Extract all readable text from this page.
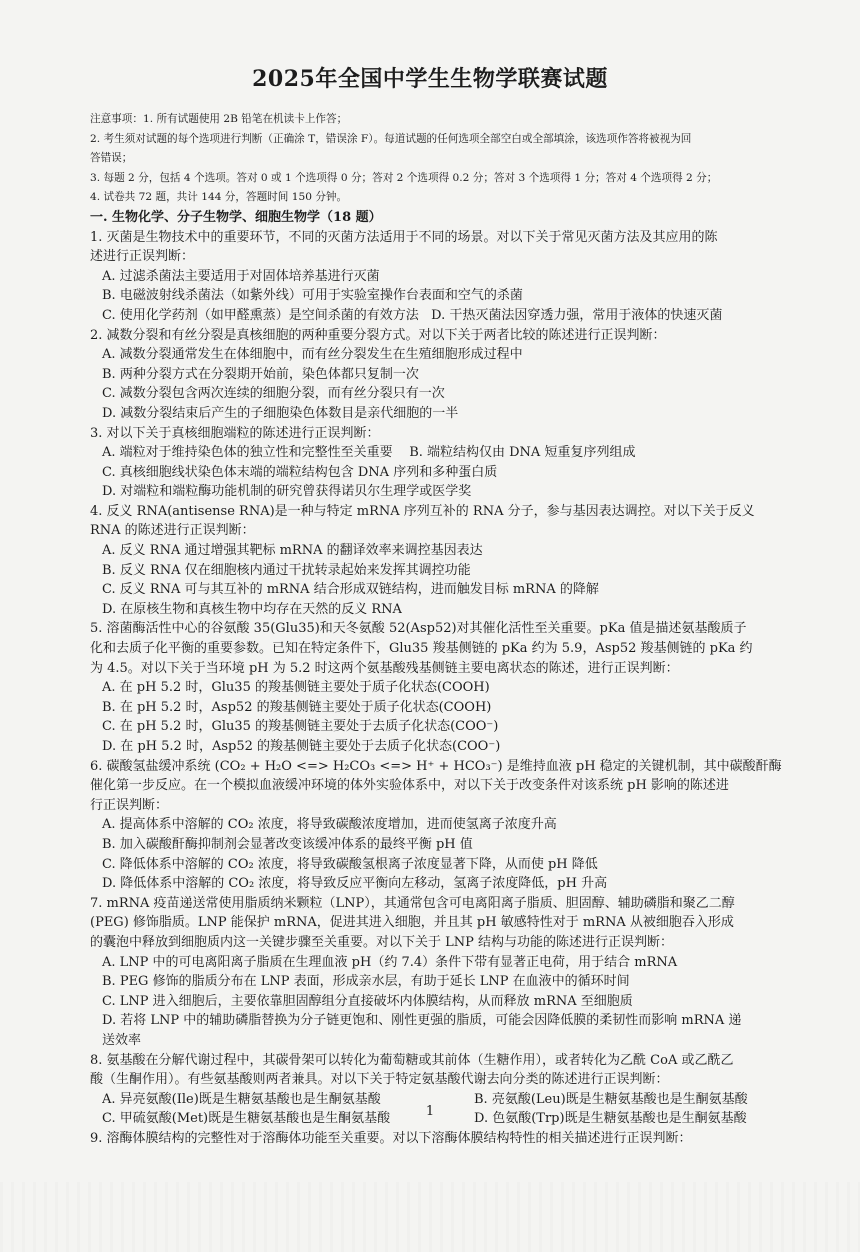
2025年全国中学生生物学联赛试题
注意事项：1. 所有试题使用 2B 铅笔在机读卡上作答；
2. 考生须对试题的每个选项进行判断（正确涂 T，错误涂 F）。每道试题的任何选项全部空白或全部填涂，该选项作答将被视为回
答错误；
3. 每题 2 分，包括 4 个选项。答对 0 或 1 个选项得 0 分；答对 2 个选项得 0.2 分；答对 3 个选项得 1 分；答对 4 个选项得 2 分；
4. 试卷共 72 题，共计 144 分，答题时间 150 分钟。
一. 生物化学、分子生物学、细胞生物学（18 题）
1. 灭菌是生物技术中的重要环节，不同的灭菌方法适用于不同的场景。对以下关于常见灭菌方法及其应用的陈
述进行正误判断：
A. 过滤杀菌法主要适用于对固体培养基进行灭菌
B. 电磁波射线杀菌法（如紫外线）可用于实验室操作台表面和空气的杀菌
C. 使用化学药剂（如甲醛熏蒸）是空间杀菌的有效方法 D. 干热灭菌法因穿透力强，常用于液体的快速灭菌
2. 减数分裂和有丝分裂是真核细胞的两种重要分裂方式。对以下关于两者比较的陈述进行正误判断：
A. 减数分裂通常发生在体细胞中，而有丝分裂发生在生殖细胞形成过程中
B. 两种分裂方式在分裂期开始前，染色体都只复制一次
C. 减数分裂包含两次连续的细胞分裂，而有丝分裂只有一次
D. 减数分裂结束后产生的子细胞染色体数目是亲代细胞的一半
3. 对以下关于真核细胞端粒的陈述进行正误判断：
A. 端粒对于维持染色体的独立性和完整性至关重要 B. 端粒结构仅由 DNA 短重复序列组成
C. 真核细胞线状染色体末端的端粒结构包含 DNA 序列和多种蛋白质
D. 对端粒和端粒酶功能机制的研究曾获得诺贝尔生理学或医学奖
4. 反义 RNA(antisense RNA)是一种与特定 mRNA 序列互补的 RNA 分子，参与基因表达调控。对以下关于反义
RNA 的陈述进行正误判断：
A. 反义 RNA 通过增强其靶标 mRNA 的翻译效率来调控基因表达
B. 反义 RNA 仅在细胞核内通过干扰转录起始来发挥其调控功能
C. 反义 RNA 可与其互补的 mRNA 结合形成双链结构，进而触发目标 mRNA 的降解
D. 在原核生物和真核生物中均存在天然的反义 RNA
5. 溶菌酶活性中心的谷氨酸 35(Glu35)和天冬氨酸 52(Asp52)对其催化活性至关重要。pKa 值是描述氨基酸质子
化和去质子化平衡的重要参数。已知在特定条件下，Glu35 羧基侧链的 pKa 约为 5.9，Asp52 羧基侧链的 pKa 约
为 4.5。对以下关于当环境 pH 为 5.2 时这两个氨基酸残基侧链主要电离状态的陈述，进行正误判断：
A. 在 pH 5.2 时，Glu35 的羧基侧链主要处于质子化状态(COOH)
B. 在 pH 5.2 时，Asp52 的羧基侧链主要处于质子化状态(COOH)
C. 在 pH 5.2 时，Glu35 的羧基侧链主要处于去质子化状态(COO⁻)
D. 在 pH 5.2 时，Asp52 的羧基侧链主要处于去质子化状态(COO⁻)
6. 碳酸氢盐缓冲系统 (CO₂ + H₂O <=> H₂CO₃ <=> H⁺ + HCO₃⁻) 是维持血液 pH 稳定的关键机制，其中碳酸酐酶
催化第一步反应。在一个模拟血液缓冲环境的体外实验体系中，对以下关于改变条件对该系统 pH 影响的陈述进
行正误判断：
A. 提高体系中溶解的 CO₂ 浓度，将导致碳酸浓度增加，进而使氢离子浓度升高
B. 加入碳酸酐酶抑制剂会显著改变该缓冲体系的最终平衡 pH 值
C. 降低体系中溶解的 CO₂ 浓度，将导致碳酸氢根离子浓度显著下降，从而使 pH 降低
D. 降低体系中溶解的 CO₂ 浓度，将导致反应平衡向左移动，氢离子浓度降低，pH 升高
7. mRNA 疫苗递送常使用脂质纳米颗粒（LNP），其通常包含可电离阳离子脂质、胆固醇、辅助磷脂和聚乙二醇
(PEG) 修饰脂质。LNP 能保护 mRNA，促进其进入细胞，并且其 pH 敏感特性对于 mRNA 从被细胞吞入形成
的囊泡中释放到细胞质内这一关键步骤至关重要。对以下关于 LNP 结构与功能的陈述进行正误判断：
A. LNP 中的可电离阳离子脂质在生理血液 pH（约 7.4）条件下带有显著正电荷，用于结合 mRNA
B. PEG 修饰的脂质分布在 LNP 表面，形成亲水层，有助于延长 LNP 在血液中的循环时间
C. LNP 进入细胞后，主要依靠胆固醇组分直接破坏内体膜结构，从而释放 mRNA 至细胞质
D. 若将 LNP 中的辅助磷脂替换为分子链更饱和、刚性更强的脂质，可能会因降低膜的柔韧性而影响 mRNA 递
送效率
8. 氨基酸在分解代谢过程中，其碳骨架可以转化为葡萄糖或其前体（生糖作用），或者转化为乙酰 CoA 或乙酰乙
酸（生酮作用）。有些氨基酸则两者兼具。对以下关于特定氨基酸代谢去向分类的陈述进行正误判断：
A. 异亮氨酸(Ile)既是生糖氨基酸也是生酮氨基酸	B. 亮氨酸(Leu)既是生糖氨基酸也是生酮氨基酸
C. 甲硫氨酸(Met)既是生糖氨基酸也是生酮氨基酸	D. 色氨酸(Trp)既是生糖氨基酸也是生酮氨基酸
9. 溶酶体膜结构的完整性对于溶酶体功能至关重要。对以下溶酶体膜结构特性的相关描述进行正误判断：
1
